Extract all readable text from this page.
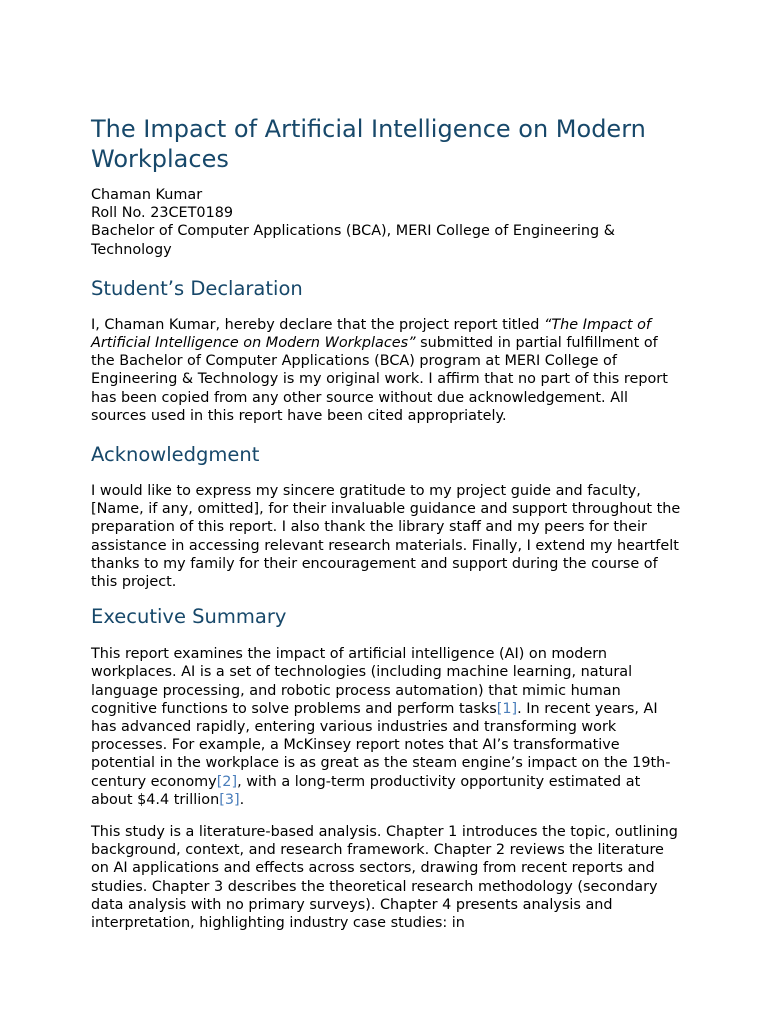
The Impact of Artificial Intelligence on Modern Workplaces
Chaman Kumar
Roll No. 23CET0189
Bachelor of Computer Applications (BCA), MERI College of Engineering & Technology
Student’s Declaration

I, Chaman Kumar, hereby declare that the project report titled “The Impact of Artificial Intelligence on Modern Workplaces” submitted in partial fulfillment of the Bachelor of Computer Applications (BCA) program at MERI College of Engineering & Technology is my original work. I affirm that no part of this report has been copied from any other source without due acknowledgement. All sources used in this report have been cited appropriately.

Acknowledgment

I would like to express my sincere gratitude to my project guide and faculty, [Name, if any, omitted], for their invaluable guidance and support throughout the preparation of this report. I also thank the library staff and my peers for their assistance in accessing relevant research materials. Finally, I extend my heartfelt thanks to my family for their encouragement and support during the course of this project.

Executive Summary

This report examines the impact of artificial intelligence (AI) on modern workplaces. AI is a set of technologies (including machine learning, natural language processing, and robotic process automation) that mimic human cognitive functions to solve problems and perform tasks[1]. In recent years, AI has advanced rapidly, entering various industries and transforming work processes. For example, a McKinsey report notes that AI’s transformative potential in the workplace is as great as the steam engine’s impact on the 19th-century economy[2], with a long-term productivity opportunity estimated at about $4.4 trillion[3].

This study is a literature-based analysis. Chapter 1 introduces the topic, outlining background, context, and research framework. Chapter 2 reviews the literature on AI applications and effects across sectors, drawing from recent reports and studies. Chapter 3 describes the theoretical research methodology (secondary data analysis with no primary surveys). Chapter 4 presents analysis and interpretation, highlighting industry case studies: in
